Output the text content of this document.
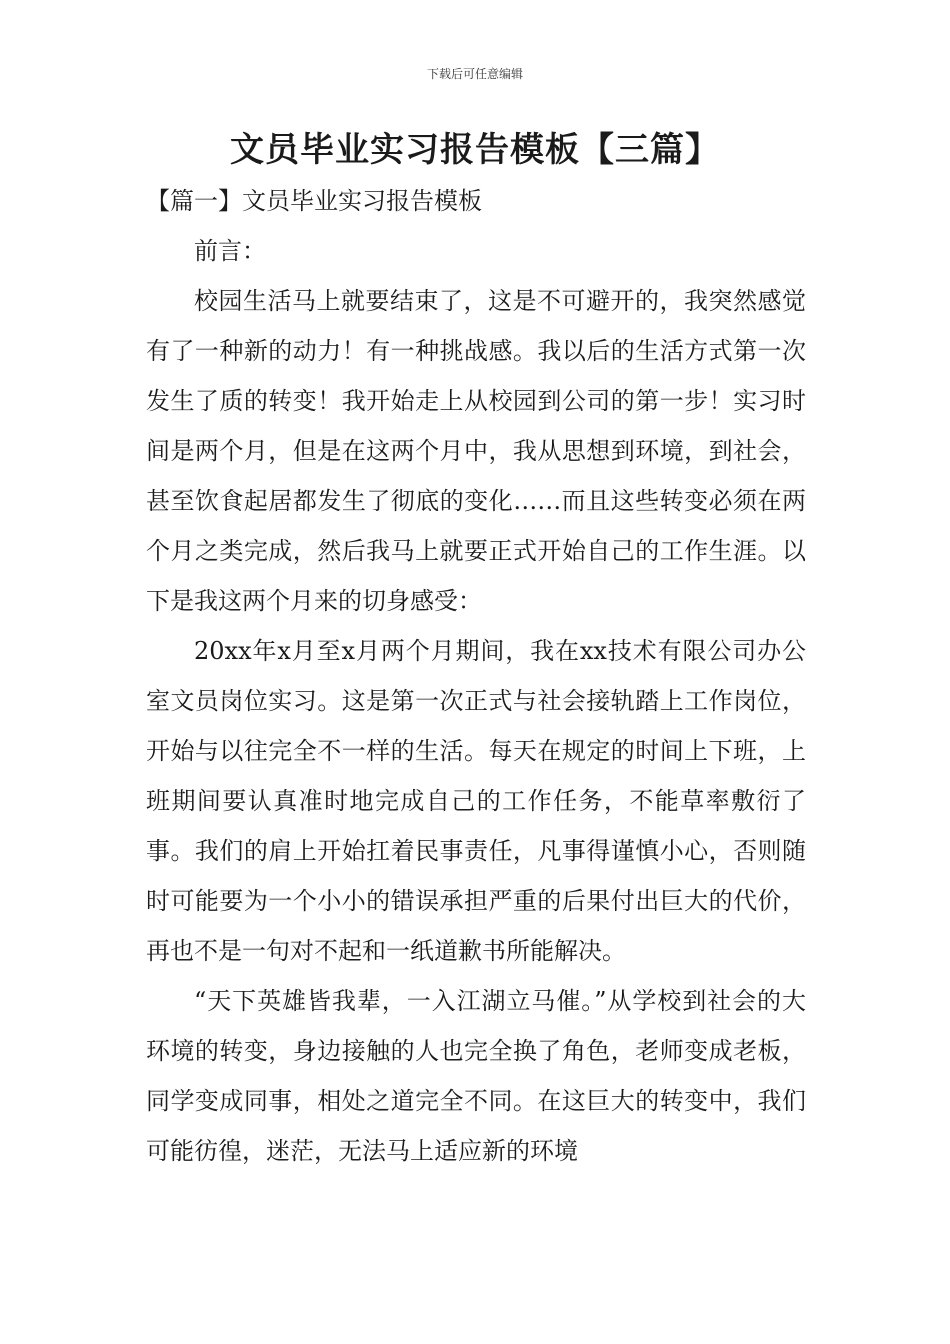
下载后可任意编辑
文员毕业实习报告模板【三篇】

【篇一】文员毕业实习报告模板

前言：

校园生活马上就要结束了，这是不可避开的，我突然感觉有了一种新的动力！有一种挑战感。我以后的生活方式第一次发生了质的转变！我开始走上从校园到公司的第一步！实习时间是两个月，但是在这两个月中，我从思想到环境，到社会，甚至饮食起居都发生了彻底的变化……而且这些转变必须在两个月之类完成，然后我马上就要正式开始自己的工作生涯。以下是我这两个月来的切身感受：

20xx年x月至x月两个月期间，我在xx技术有限公司办公室文员岗位实习。这是第一次正式与社会接轨踏上工作岗位，开始与以往完全不一样的生活。每天在规定的时间上下班，上班期间要认真准时地完成自己的工作任务，不能草率敷衍了事。我们的肩上开始扛着民事责任，凡事得谨慎小心，否则随时可能要为一个小小的错误承担严重的后果付出巨大的代价，再也不是一句对不起和一纸道歉书所能解决。

“天下英雄皆我辈，一入江湖立马催。”从学校到社会的大环境的转变，身边接触的人也完全换了角色，老师变成老板，同学变成同事，相处之道完全不同。在这巨大的转变中，我们可能彷徨，迷茫，无法马上适应新的环境
